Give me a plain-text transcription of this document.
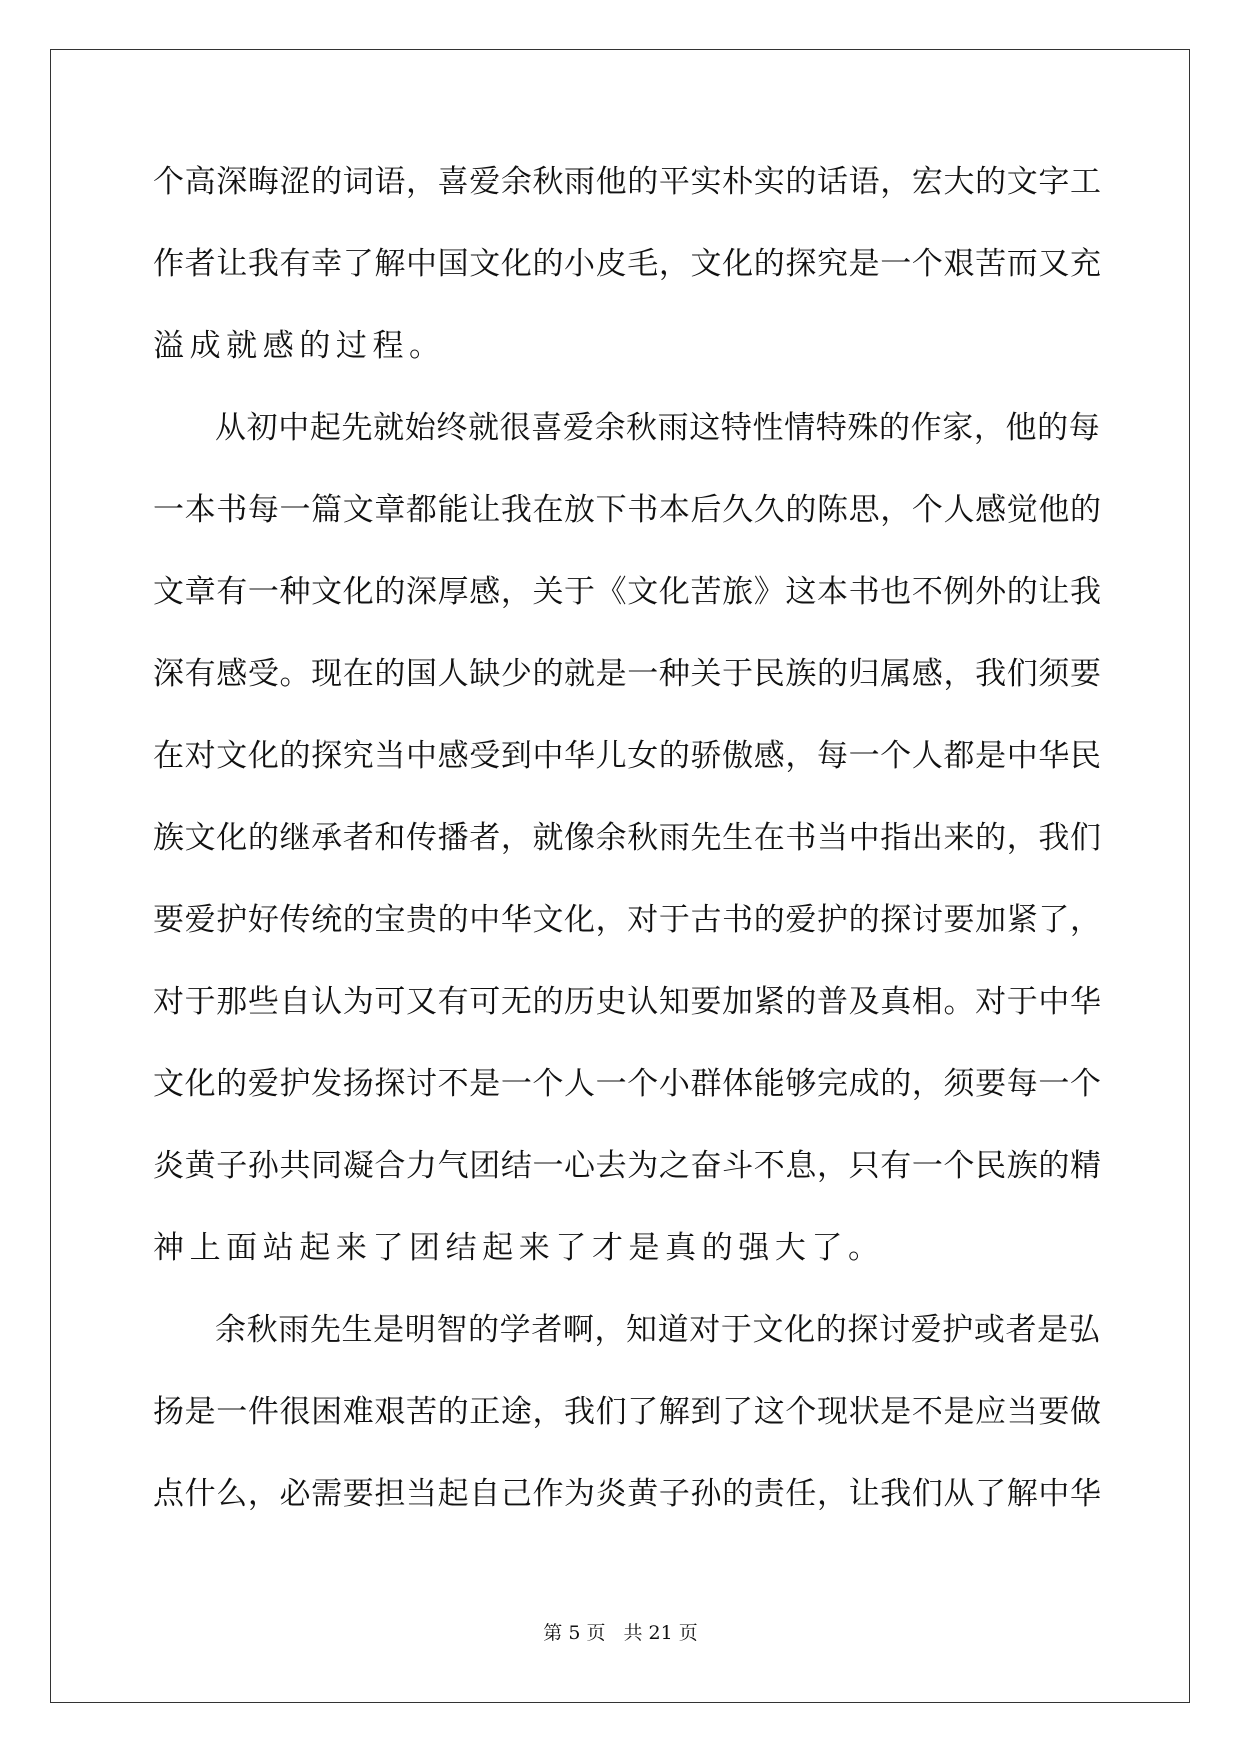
个高深晦涩的词语，喜爱余秋雨他的平实朴实的话语，宏大的文字工
作者让我有幸了解中国文化的小皮毛，文化的探究是一个艰苦而又充
溢成就感的过程。
从初中起先就始终就很喜爱余秋雨这特性情特殊的作家，他的每
一本书每一篇文章都能让我在放下书本后久久的陈思，个人感觉他的
文章有一种文化的深厚感，关于《文化苦旅》这本书也不例外的让我
深有感受。现在的国人缺少的就是一种关于民族的归属感，我们须要
在对文化的探究当中感受到中华儿女的骄傲感，每一个人都是中华民
族文化的继承者和传播者，就像余秋雨先生在书当中指出来的，我们
要爱护好传统的宝贵的中华文化，对于古书的爱护的探讨要加紧了，
对于那些自认为可又有可无的历史认知要加紧的普及真相。对于中华
文化的爱护发扬探讨不是一个人一个小群体能够完成的，须要每一个
炎黄子孙共同凝合力气团结一心去为之奋斗不息，只有一个民族的精
神上面站起来了团结起来了才是真的强大了。
余秋雨先生是明智的学者啊，知道对于文化的探讨爱护或者是弘
扬是一件很困难艰苦的正途，我们了解到了这个现状是不是应当要做
点什么，必需要担当起自己作为炎黄子孙的责任，让我们从了解中华
第 5 页 共 21 页
